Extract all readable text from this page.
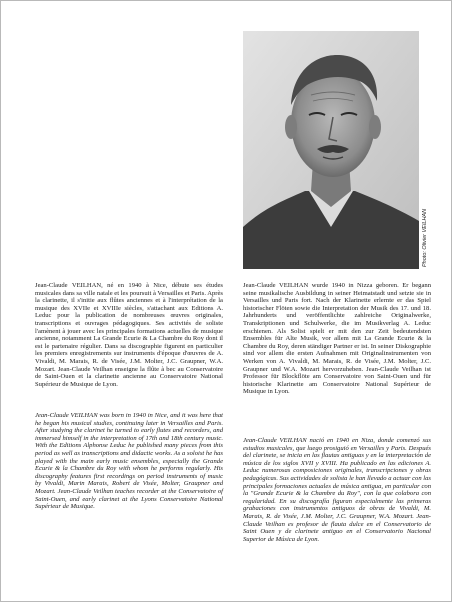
Photo: Olivier VEILHAN

Jean-Claude VEILHAN, né en 1940 à Nice, débute ses études musicales dans sa ville natale et les poursuit à Versailles et Paris. Après la clarinette, il s'initie aux flûtes anciennes et à l'interprétation de la musique des XVIIe et XVIIIe siècles, s'attachant aux Editions A. Leduc pour la publication de nombreuses œuvres originales, transcriptions et ouvrages pédagogiques. Ses activités de soliste l'amènent à jouer avec les principales formations actuelles de musique ancienne, notamment La Grande Ecurie & La Chambre du Roy dont il est le partenaire régulier. Dans sa discographie figurent en particulier les premiers enregistrements sur instruments d'époque d'œuvres de A. Vivaldi, M. Marais, R. de Visée, J.M. Molter, J.C. Graupner, W.A. Mozart. Jean-Claude Veilhan enseigne la flûte à bec au Conservatoire de Saint-Ouen et la clarinette ancienne au Conservatoire National Supérieur de Musique de Lyon.

Jean-Claude VEILHAN was born in 1940 in Nice, and it was here that he began his musical studies, continuing later in Versailles and Paris. After studying the clarinet he turned to early flutes and recorders, and immersed himself in the interpretation of 17th and 18th century music. With the Editions Alphonse Leduc he published many pieces from this period as well as transcriptions and didactic works. As a soloist he has played with the main early music ensembles, especially the Grande Ecurie & la Chambre du Roy with whom he performs regularly. His discography features first recordings on period instruments of music by Vivaldi, Marin Marais, Robert de Visée, Molter, Graupner and Mozart. Jean-Claude Veilhan teaches recorder at the Conservatoire of Saint-Ouen, and early clarinet at the Lyons Conservatoire National Supérieur de Musique.

Jean-Claude VEILHAN wurde 1940 in Nizza geboren. Er begann seine musikalische Ausbildung in seiner Heimatstadt und setzte sie in Versailles und Paris fort. Nach der Klarinette erlernte er das Spiel historischer Flöten sowie die Interpretation der Musik des 17. und 18. Jahrhunderts und veröffentlichte zahlreiche Originalwerke, Transkriptionen und Schulwerke, die im Musikverlag A. Leduc erschienen. Als Solist spielt er mit den zur Zeit bedeutendsten Ensembles für Alte Musik, vor allem mit La Grande Ecurie & la Chambre du Roy, deren ständiger Partner er ist. In seiner Diskographie sind vor allem die ersten Aufnahmen mit Originalinstrumenten von Werken von A. Vivaldi, M. Marais, R. de Visée, J.M. Molter, J.C. Graupner und W.A. Mozart hervorzuheben. Jean-Claude Veilhan ist Professor für Blockflöte am Conservatoire von Saint-Ouen und für historische Klarinette am Conservatoire National Supérieur de Musique in Lyon.

Jean-Claude VEILHAN nació en 1940 en Niza, donde comenzó sus estudios musicales, que luego prosiguió en Versailles y Paris. Después del clarinete, se inicia en las flautas antiguas y en la interpretación de música de los siglos XVII y XVIII. Ha publicado en las ediciones A. Leduc numerosas composiciones originales, transcripciones y obras pedagógicas. Sus actividades de solista le han llevado a actuar con las principales formaciones actuales de música antigua, en particular con la "Grande Ecurie & la Chambre du Roy", con la que colabora con regularidad. En su discografía figuran especialmente las primeras grabaciones con instrumentos antiguos de obras de Vivaldi, M. Marais, R. de Visée, J.M. Molter, J.C. Graupner, W.A. Mozart. Jean-Claude Veilhan es profesor de flauta dulce en el Conservatorio de Saint Ouen y de clarinete antiguo en el Conservatorio Nacional Superior de Música de Lyon.
